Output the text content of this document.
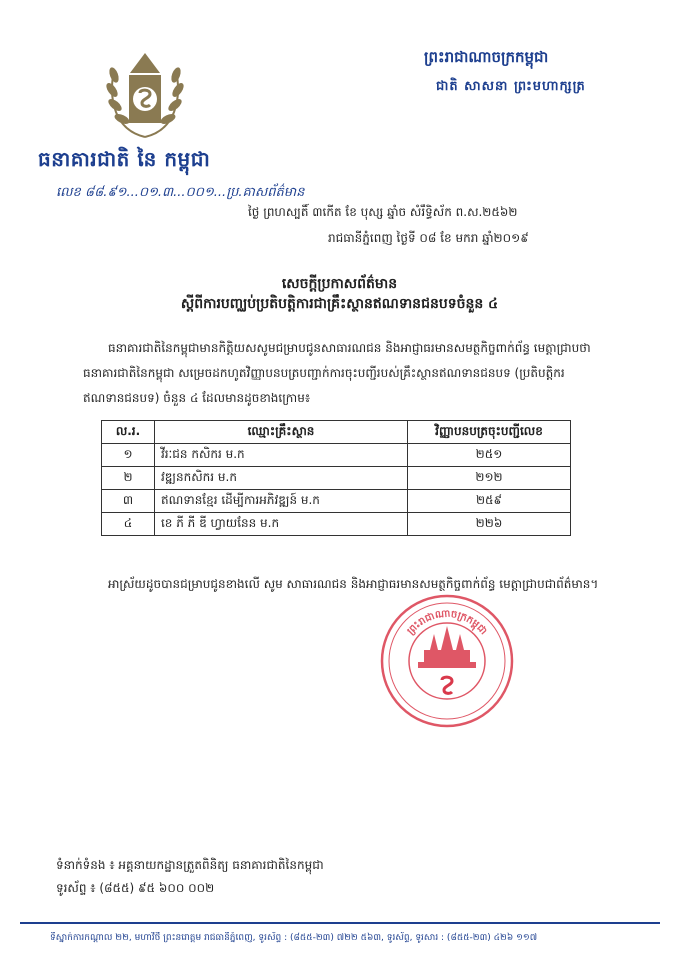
ធនាគារជាតិ នៃ កម្ពុជា
ព្រះរាជាណាចក្រកម្ពុជា
ជាតិ សាសនា ព្រះមហាក្សត្រ
លេខ ៨៨.៩១...០១.៣...០០១...ប្រ.គាសព័ត៌មាន
ថ្ងៃ ព្រហស្បតិ៍ ៣កើត ខែ បុស្ស ឆ្នាំច សំរឹទ្ធិស័ក ព.ស.២៥៦២
រាជធានីភ្នំពេញ ថ្ងៃទី ០៨ ខែ មករា ឆ្នាំ២០១៩
សេចក្តីប្រកាសព័ត៌មាន
ស្តីពីការបញ្ឈប់ប្រតិបត្តិការជាគ្រឹះស្ថានឥណទានជនបទចំនួន ៤
ធនាគារជាតិនៃកម្ពុជាមានកិត្តិយសសូមជម្រាបជូនសាធារណជន និងអាជ្ញាធរមានសមត្ថកិច្ចពាក់ព័ន្ធ មេត្តាជ្រាបថា ធនាគារជាតិនៃកម្ពុជា សម្រេចដកហូតវិញ្ញាបនបត្របញ្ជាក់ការចុះបញ្ជីរបស់គ្រឹះស្ថានឥណទានជនបទ (ប្រតិបត្តិករឥណទានជនបទ) ចំនួន ៤ ដែលមានដូចខាងក្រោម៖
ល.រ.	ឈ្មោះគ្រឹះស្ថាន	វិញ្ញាបនបត្រចុះបញ្ជីលេខ
១	វីរៈជន កសិករ ម.ក	២៥១
២	វឌ្ឍនកសិករ ម.ក	២១២
៣	ឥណទានខ្មែរ ដើម្បីការអភិវឌ្ឍន៍ ម.ក	២៥៩
៤	ខេ ភី ភី ឌី ហ្វាយនែន ម.ក	២២៦
អាស្រ័យដូចបានជម្រាបជូនខាងលើ សូម សាធារណជន និងអាជ្ញាធរមានសមត្ថកិច្ចពាក់ព័ន្ធ មេត្តាជ្រាបជាព័ត៌មាន។
ព្រះរាជាណាចក្រកម្ពុជា
ទំនាក់ទំនង ៖ អគ្គនាយកដ្ឋានត្រួតពិនិត្យ ធនាគារជាតិនៃកម្ពុជា
ទូរស័ព្ទ ៖ (៨៥៥) ៩៥ ៦០០ ០០២
ទីស្នាក់ការកណ្តាល ២២, មហាវិថី ព្រះនរោត្តម រាជធានីភ្នំពេញ, ទូរស័ព្ទ : (៨៥៥-២៣) ៧២២ ៥៦៣, ទូរស័ព្ទ, ទូរសារ : (៨៥៥-២៣) ៤២៦ ១១៧
